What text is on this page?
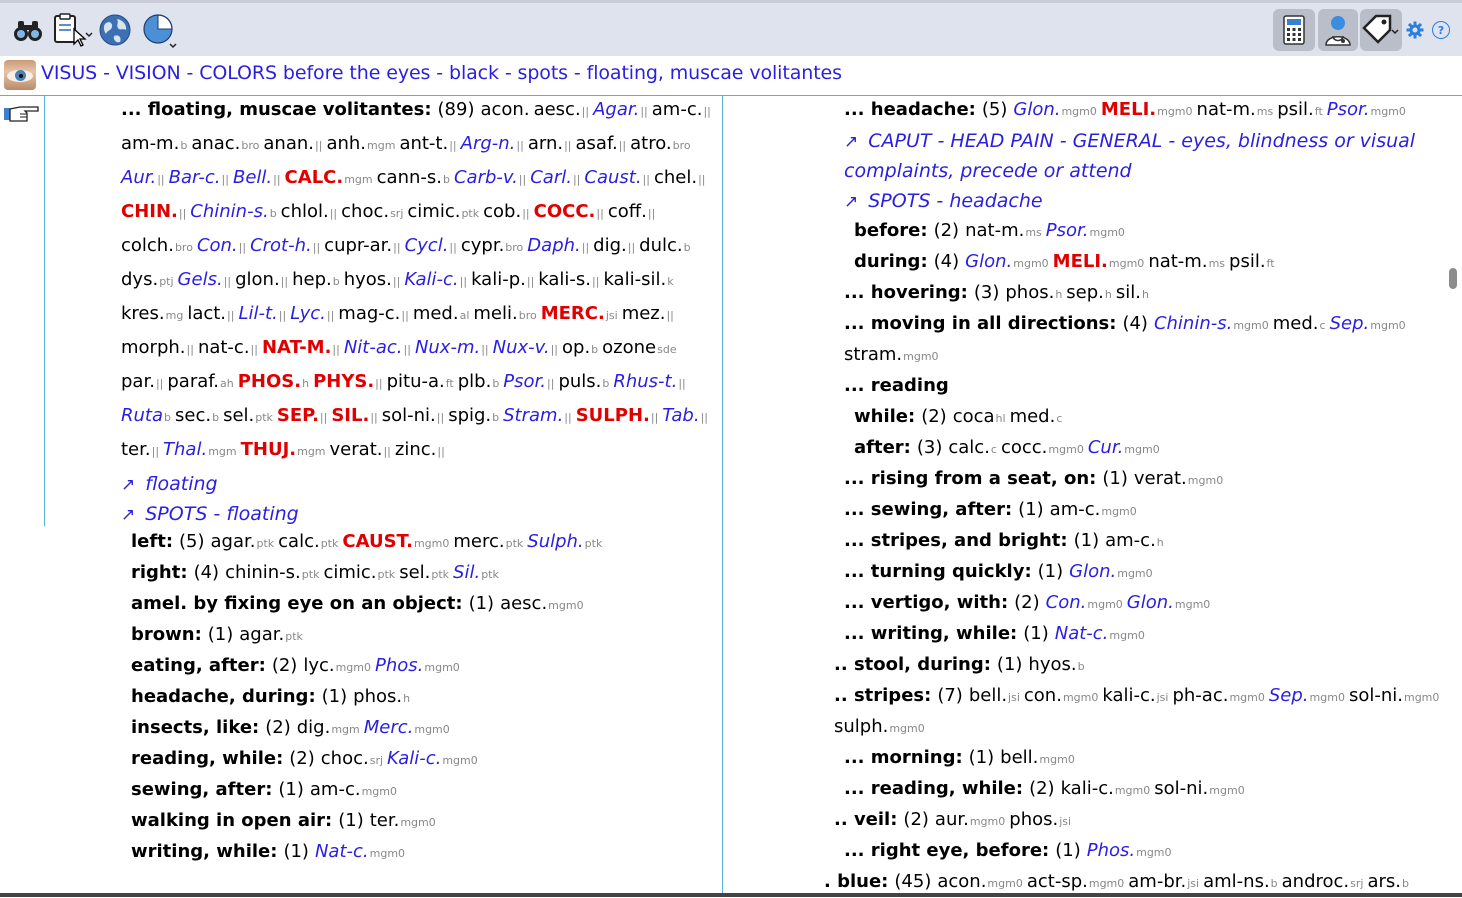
?
VISUS - VISION - COLORS before the eyes - black - spots - floating, muscae volitantes
... floating, muscae volitantes: (89) acon. aesc.|| Agar.|| am-c.||
am-m.b anac.bro anan.|| anh.mgm ant-t.|| Arg-n.|| arn.|| asaf.|| atro.bro
Aur.|| Bar-c.|| Bell.|| CALC.mgm cann-s.b Carb-v.|| Carl.|| Caust.|| chel.||
CHIN.|| Chinin-s.b chlol.|| choc.srj cimic.ptk cob.|| COCC.|| coff.||
colch.bro Con.|| Crot-h.|| cupr-ar.|| Cycl.|| cypr.bro Daph.|| dig.|| dulc.b
dys.ptj Gels.|| glon.|| hep.b hyos.|| Kali-c.|| kali-p.|| kali-s.|| kali-sil.k
kres.mg lact.|| Lil-t.|| Lyc.|| mag-c.|| med.al meli.bro MERC.jsi mez.||
morph.|| nat-c.|| NAT-M.|| Nit-ac.|| Nux-m.|| Nux-v.|| op.b ozonesde
par.|| paraf.ah PHOS.h PHYS.|| pitu-a.ft plb.b Psor.|| puls.b Rhus-t.||
Rutab sec.b sel.ptk SEP.|| SIL.|| sol-ni.|| spig.b Stram.|| SULPH.|| Tab.||
ter.|| Thal.mgm THUJ.mgm verat.|| zinc.||
↗ floating
↗ SPOTS - floating
left: (5) agar.ptk calc.ptk CAUST.mgm0 merc.ptk Sulph.ptk
right: (4) chinin-s.ptk cimic.ptk sel.ptk Sil.ptk
amel. by fixing eye on an object: (1) aesc.mgm0
brown: (1) agar.ptk
eating, after: (2) lyc.mgm0 Phos.mgm0
headache, during: (1) phos.h
insects, like: (2) dig.mgm Merc.mgm0
reading, while: (2) choc.srj Kali-c.mgm0
sewing, after: (1) am-c.mgm0
walking in open air: (1) ter.mgm0
writing, while: (1) Nat-c.mgm0
... headache: (5) Glon.mgm0 MELI.mgm0 nat-m.ms psil.ft Psor.mgm0
↗ CAPUT - HEAD PAIN - GENERAL - eyes, blindness or visual
complaints, precede or attend
↗ SPOTS - headache
before: (2) nat-m.ms Psor.mgm0
during: (4) Glon.mgm0 MELI.mgm0 nat-m.ms psil.ft
... hovering: (3) phos.h sep.h sil.h
... moving in all directions: (4) Chinin-s.mgm0 med.c Sep.mgm0
stram.mgm0
... reading
while: (2) cocahl med.c
after: (3) calc.c cocc.mgm0 Cur.mgm0
... rising from a seat, on: (1) verat.mgm0
... sewing, after: (1) am-c.mgm0
... stripes, and bright: (1) am-c.h
... turning quickly: (1) Glon.mgm0
... vertigo, with: (2) Con.mgm0 Glon.mgm0
... writing, while: (1) Nat-c.mgm0
.. stool, during: (1) hyos.b
.. stripes: (7) bell.jsi con.mgm0 kali-c.jsi ph-ac.mgm0 Sep.mgm0 sol-ni.mgm0
sulph.mgm0
... morning: (1) bell.mgm0
... reading, while: (2) kali-c.mgm0 sol-ni.mgm0
.. veil: (2) aur.mgm0 phos.jsi
... right eye, before: (1) Phos.mgm0
. blue: (45) acon.mgm0 act-sp.mgm0 am-br.jsi aml-ns.b androc.srj ars.b
